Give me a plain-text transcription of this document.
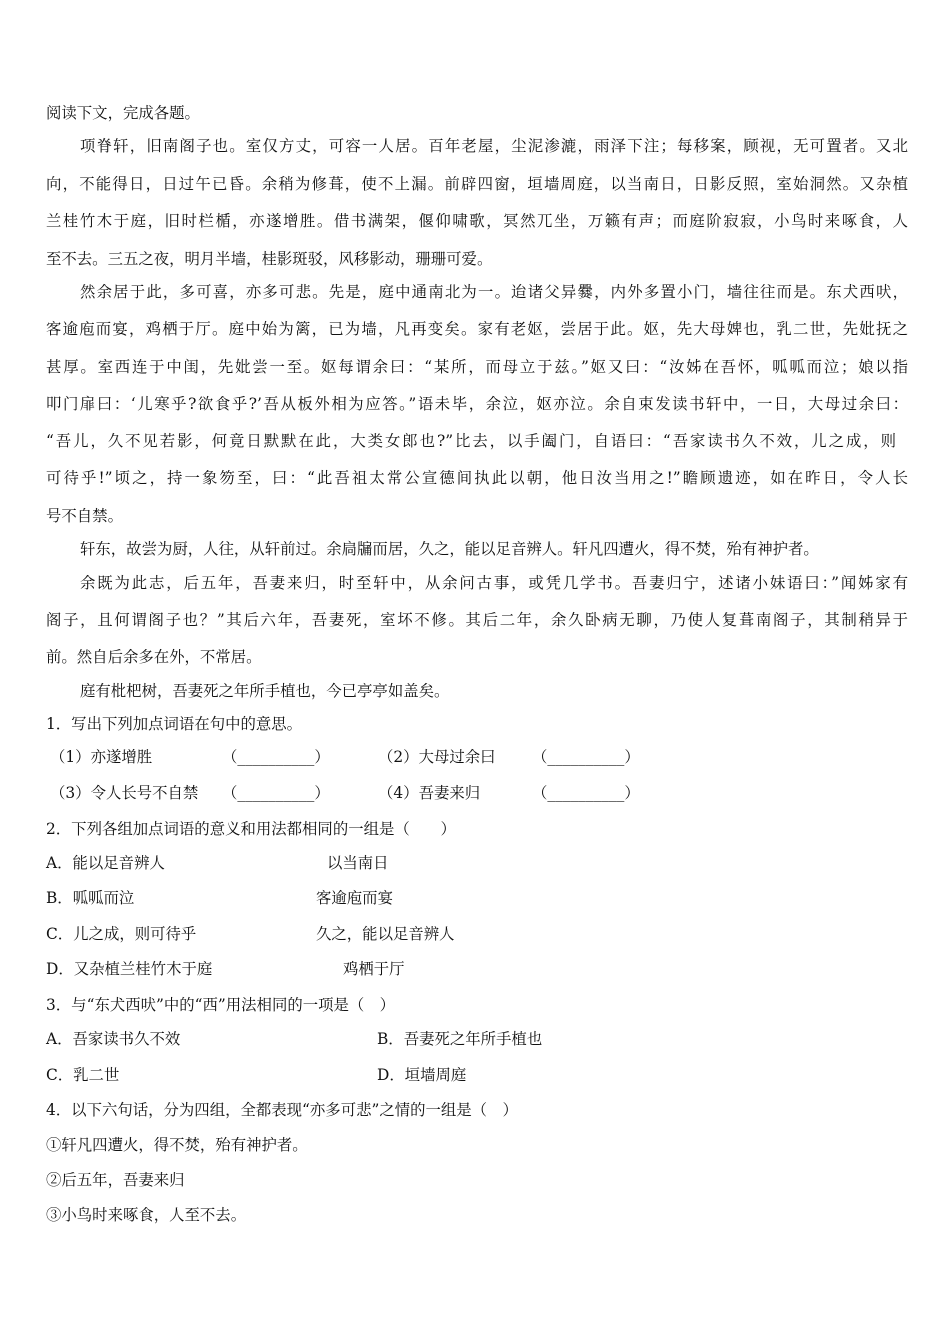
阅读下文，完成各题。
项脊轩，旧南阁子也。室仅方丈，可容一人居。百年老屋，尘泥渗漉，雨泽下注；每移案，顾视，无可置者。又北
向，不能得日，日过午已昏。余稍为修葺，使不上漏。前辟四窗，垣墙周庭，以当南日，日影反照，室始洞然。又杂植
兰桂竹木于庭，旧时栏楯，亦遂增胜。借书满架，偃仰啸歌，冥然兀坐，万籁有声；而庭阶寂寂，小鸟时来啄食，人
至不去。三五之夜，明月半墙，桂影斑驳，风移影动，珊珊可爱。
然余居于此，多可喜，亦多可悲。先是，庭中通南北为一。迨诸父异爨，内外多置小门，墙往往而是。东犬西吠，
客逾庖而宴，鸡栖于厅。庭中始为篱，已为墙，凡再变矣。家有老妪，尝居于此。妪，先大母婢也，乳二世，先妣抚之
甚厚。室西连于中闺，先妣尝一至。妪每谓余曰：“某所，而母立于兹。”妪又曰：“汝姊在吾怀，呱呱而泣；娘以指
叩门扉曰：‘儿寒乎?欲食乎?’吾从板外相为应答。”语未毕，余泣，妪亦泣。余自束发读书轩中，一日，大母过余曰：
“吾儿，久不见若影，何竟日默默在此，大类女郎也?”比去，以手阖门，自语曰：“吾家读书久不效，儿之成，则
可待乎!”顷之，持一象笏至，曰：“此吾祖太常公宣德间执此以朝，他日汝当用之!”瞻顾遗迹，如在昨日，令人长
号不自禁。
轩东，故尝为厨，人往，从轩前过。余扃牖而居，久之，能以足音辨人。轩凡四遭火，得不焚，殆有神护者。
余既为此志，后五年，吾妻来归，时至轩中，从余问古事，或凭几学书。吾妻归宁，述诸小妹语曰：”闻姊家有
阁子，且何谓阁子也？”其后六年，吾妻死，室坏不修。其后二年，余久卧病无聊，乃使人复葺南阁子，其制稍异于
前。然自后余多在外，不常居。
庭有枇杷树，吾妻死之年所手植也，今已亭亭如盖矣。
1．写出下列加点词语在句中的意思。
（1）亦遂增胜	（__________）	（2）大母过余曰 （__________）
（3）令人长号不自禁 （__________）	（4）吾妻来归	（__________）
2．下列各组加点词语的意义和用法都相同的一组是（　　）
A．能以足音辨人	以当南日
B．呱呱而泣	客逾庖而宴
C．儿之成，则可待乎	久之，能以足音辨人
D．又杂植兰桂竹木于庭	鸡栖于厅
3．与“东犬西吠”中的“西”用法相同的一项是（　）
A．吾家读书久不效	B．吾妻死之年所手植也
C．乳二世	D．垣墙周庭
4．以下六句话，分为四组，全都表现“亦多可悲”之情的一组是（　）
①轩凡四遭火，得不焚，殆有神护者。
②后五年，吾妻来归
③小鸟时来啄食，人至不去。
